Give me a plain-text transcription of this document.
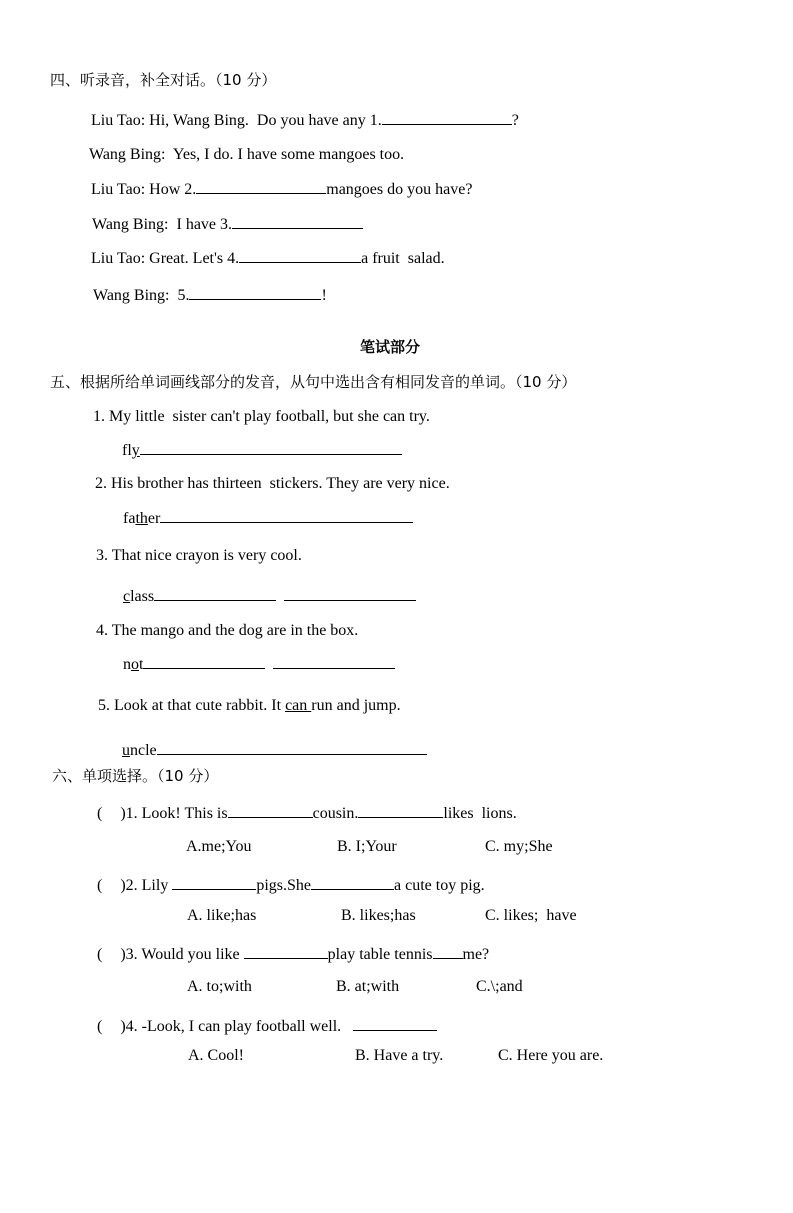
四、听录音，补全对话。（10 分）
Liu Tao: Hi, Wang Bing.  Do you have any 1.	?
Wang Bing:  Yes, I do. I have some mangoes too.
Liu Tao: How 2.	mangoes do you have?
Wang Bing:  I have 3.
Liu Tao: Great. Let's 4.	a fruit  salad.
Wang Bing:  5.	!
笔试部分
五、根据所给单词画线部分的发音，从句中选出含有相同发音的单词。（10 分）
1. My little  sister can't play football, but she can try.
fly
2. His brother has thirteen  stickers. They are very nice.
father
3. That nice crayon is very cool.
class
4. The mango and the dog are in the box.
not
5. Look at that cute rabbit. It can run and jump.
uncle
六、单项选择。（10 分）
( )1. Look! This is	cousin.	likes  lions.
A.me;You	B. I;Your	C. my;She
( )2. Lily	pigs.She	a cute toy pig.
A. like;has	B. likes;has	C. likes;  have
( )3. Would you like	play table tennis me?
A. to;with	B. at;with	C.\;and
( )4. -Look, I can play football well.
A. Cool!	B. Have a try.	C. Here you are.
